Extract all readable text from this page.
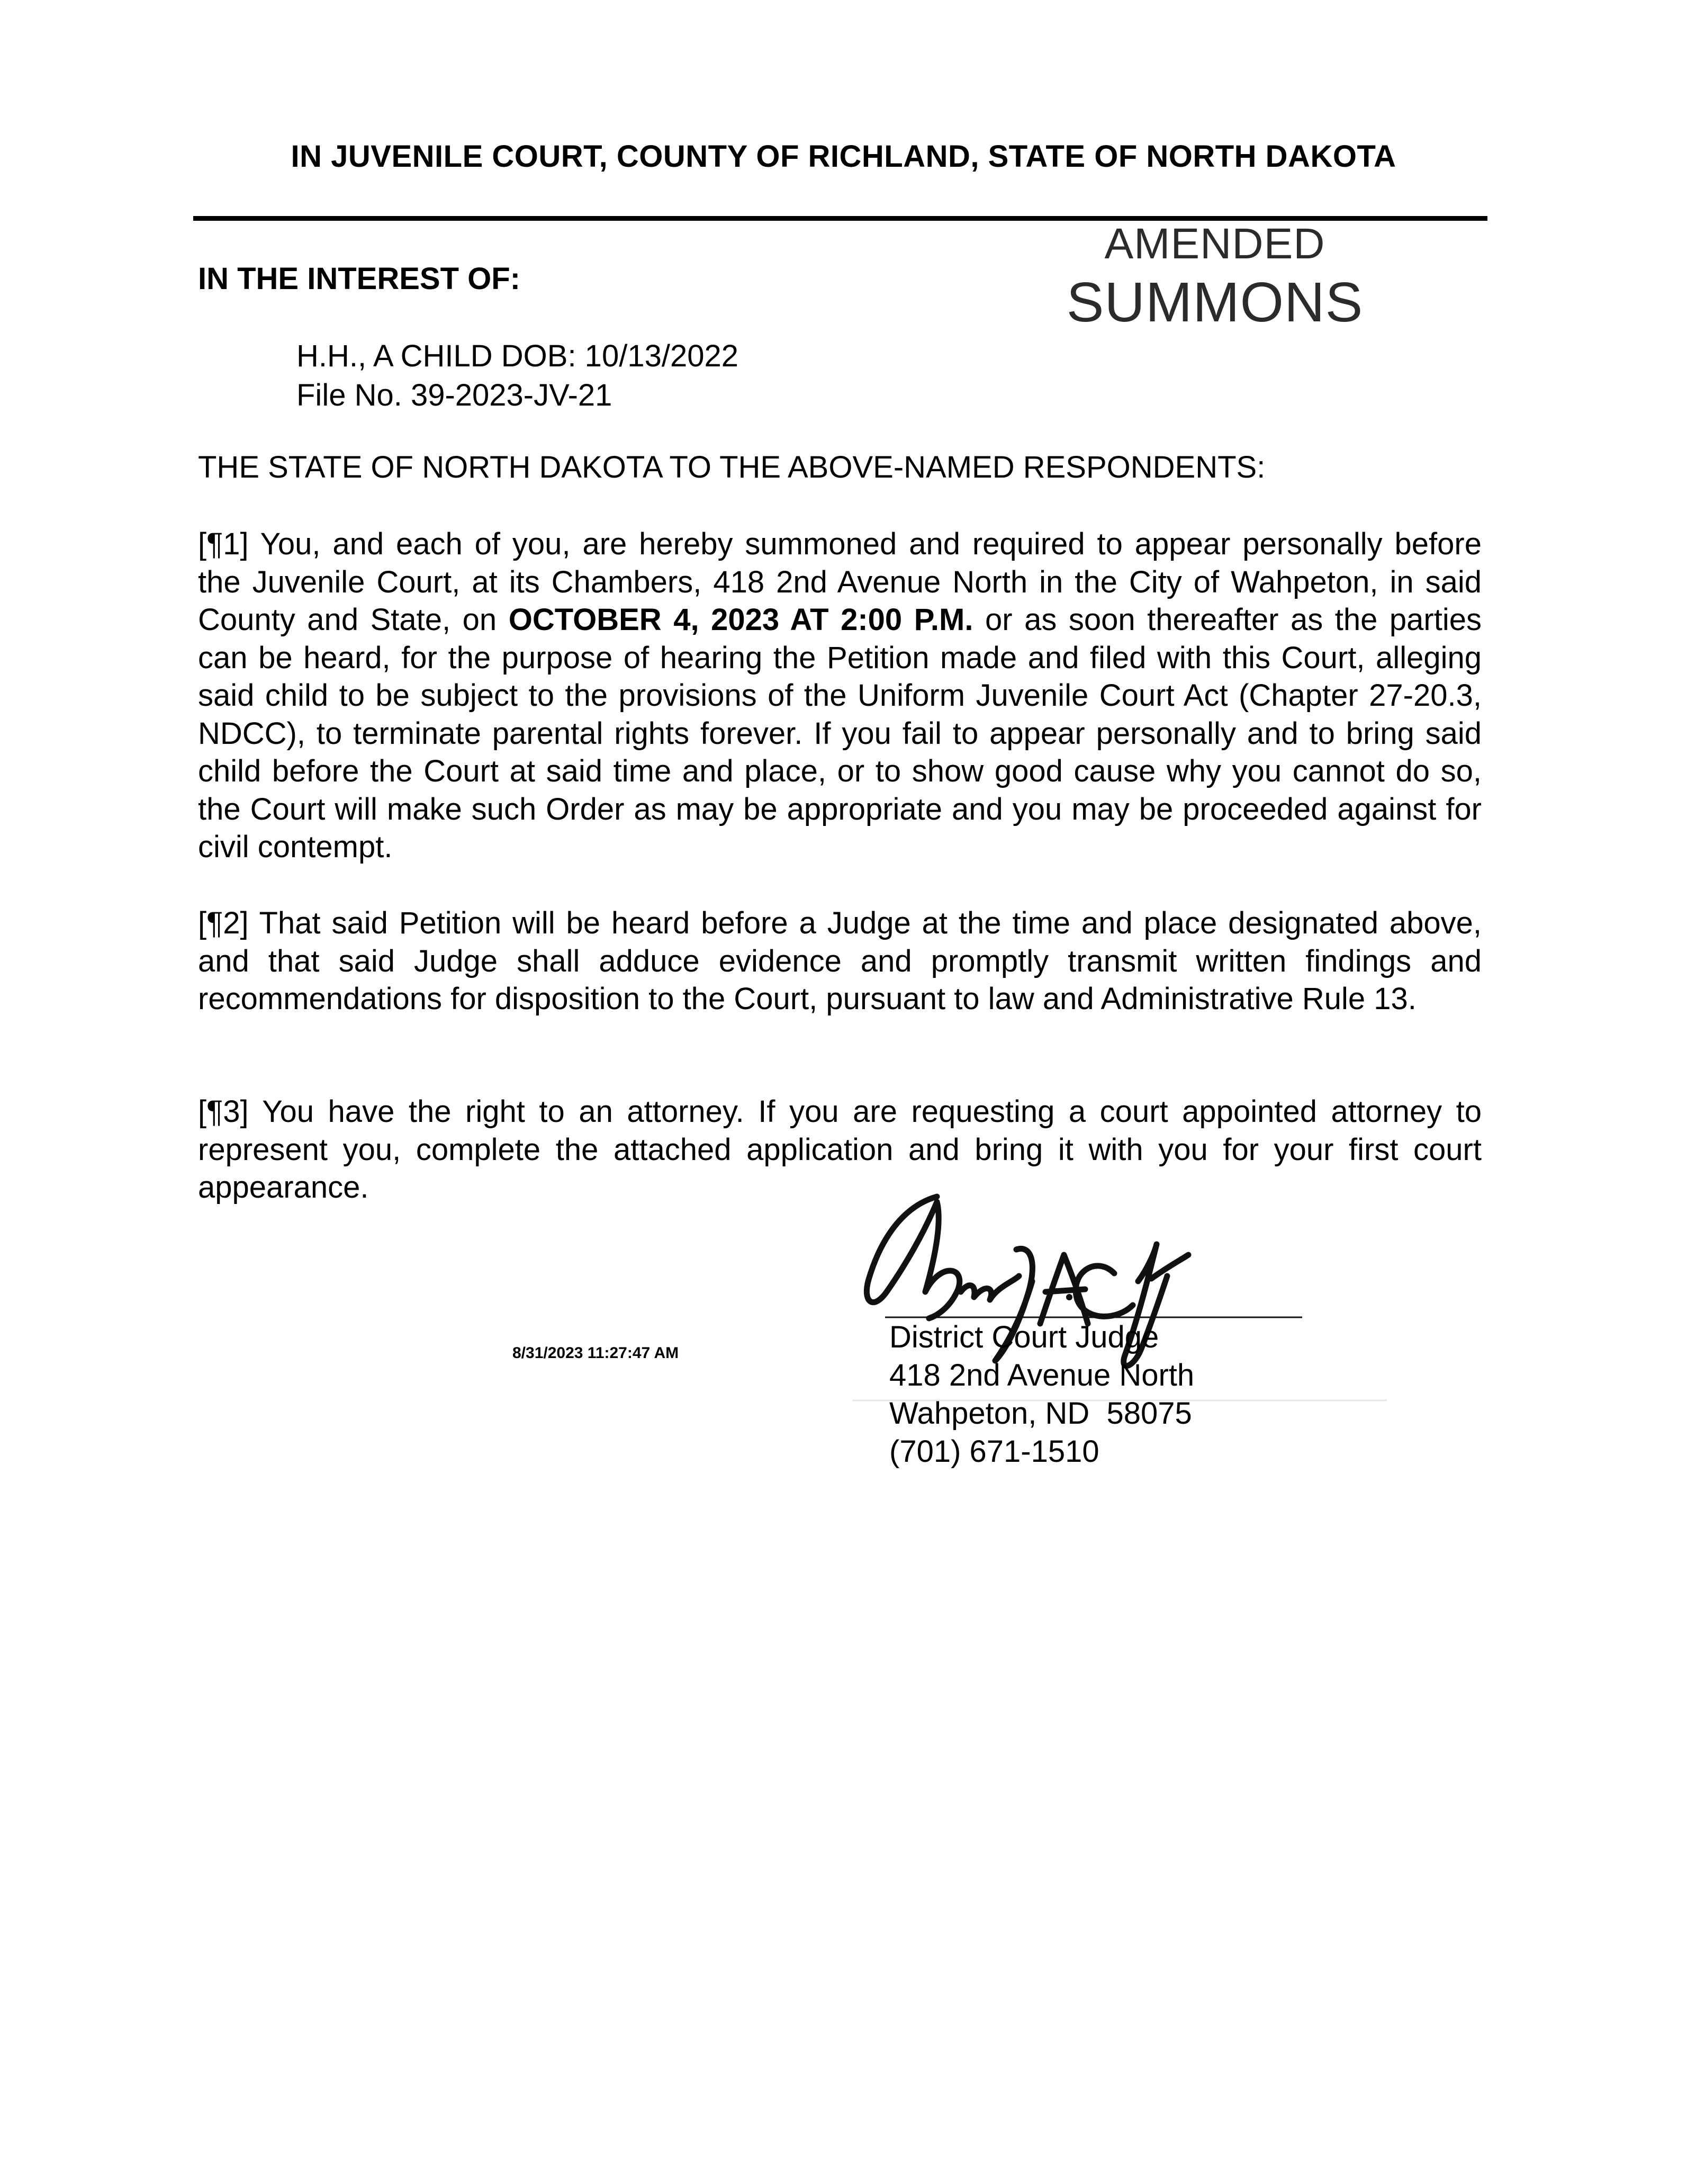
IN JUVENILE COURT, COUNTY OF RICHLAND, STATE OF NORTH DAKOTA
IN THE INTEREST OF:
AMENDED
SUMMONS
H.H., A CHILD DOB: 10/13/2022
File No. 39-2023-JV-21
THE STATE OF NORTH DAKOTA TO THE ABOVE-NAMED RESPONDENTS:
[¶1] You, and each of you, are hereby summoned and required to appear personally before the Juvenile Court, at its Chambers, 418 2nd Avenue North in the City of Wahpeton, in said County and State, on OCTOBER 4, 2023 AT 2:00 P.M. or as soon thereafter as the parties can be heard, for the purpose of hearing the Petition made and filed with this Court, alleging said child to be subject to the provisions of the Uniform Juvenile Court Act (Chapter 27-20.3, NDCC), to terminate parental rights forever. If you fail to appear personally and to bring said child before the Court at said time and place, or to show good cause why you cannot do so, the Court will make such Order as may be appropriate and you may be proceeded against for civil contempt.
[¶2] That said Petition will be heard before a Judge at the time and place designated above, and that said Judge shall adduce evidence and promptly transmit written findings and recommendations for disposition to the Court, pursuant to law and Administrative Rule 13.
[¶3] You have the right to an attorney. If you are requesting a court appointed attorney to represent you, complete the attached application and bring it with you for your first court appearance.
8/31/2023 11:27:47 AM	District Court Judge
418 2nd Avenue North
Wahpeton, ND  58075
(701) 671-1510
